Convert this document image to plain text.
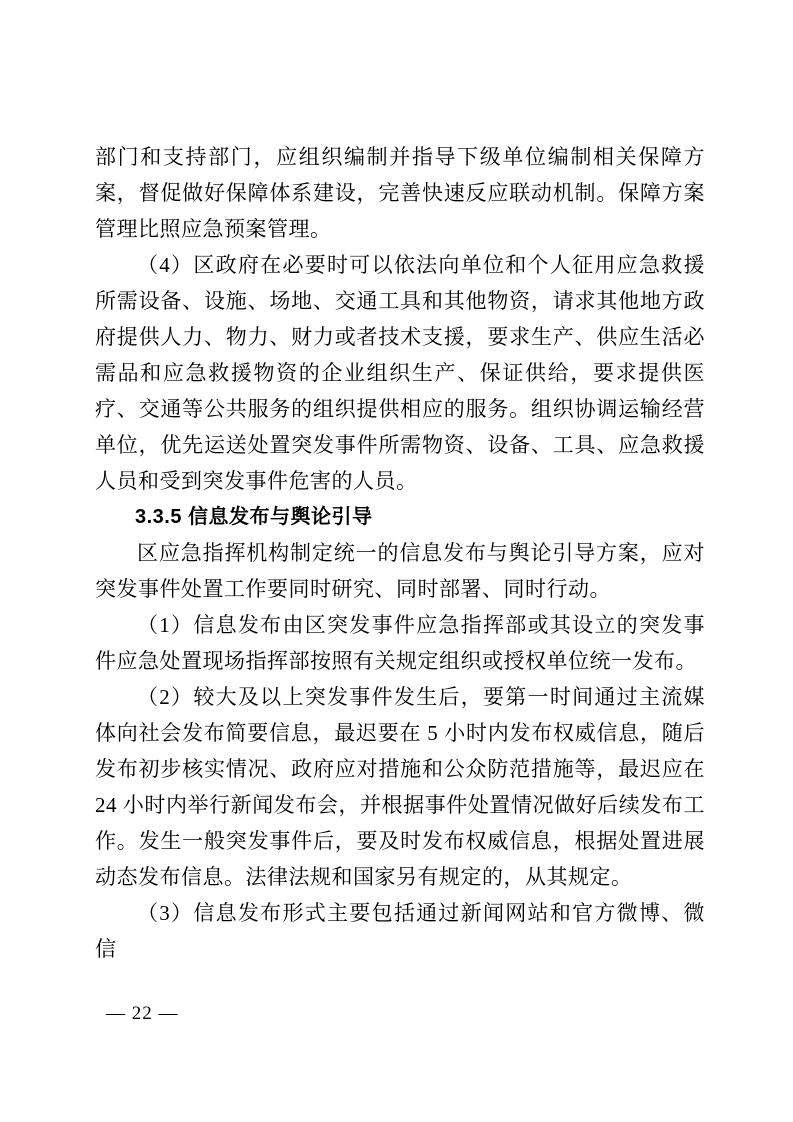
部门和支持部门，应组织编制并指导下级单位编制相关保障方案，督促做好保障体系建设，完善快速反应联动机制。保障方案管理比照应急预案管理。

（4）区政府在必要时可以依法向单位和个人征用应急救援所需设备、设施、场地、交通工具和其他物资，请求其他地方政府提供人力、物力、财力或者技术支援，要求生产、供应生活必需品和应急救援物资的企业组织生产、保证供给，要求提供医疗、交通等公共服务的组织提供相应的服务。组织协调运输经营单位，优先运送处置突发事件所需物资、设备、工具、应急救援人员和受到突发事件危害的人员。

3.3.5 信息发布与舆论引导

区应急指挥机构制定统一的信息发布与舆论引导方案，应对突发事件处置工作要同时研究、同时部署、同时行动。

（1）信息发布由区突发事件应急指挥部或其设立的突发事件应急处置现场指挥部按照有关规定组织或授权单位统一发布。

（2）较大及以上突发事件发生后，要第一时间通过主流媒体向社会发布简要信息，最迟要在 5 小时内发布权威信息，随后发布初步核实情况、政府应对措施和公众防范措施等，最迟应在 24 小时内举行新闻发布会，并根据事件处置情况做好后续发布工作。发生一般突发事件后，要及时发布权威信息，根据处置进展动态发布信息。法律法规和国家另有规定的，从其规定。

（3）信息发布形式主要包括通过新闻网站和官方微博、微信

— 22 —
